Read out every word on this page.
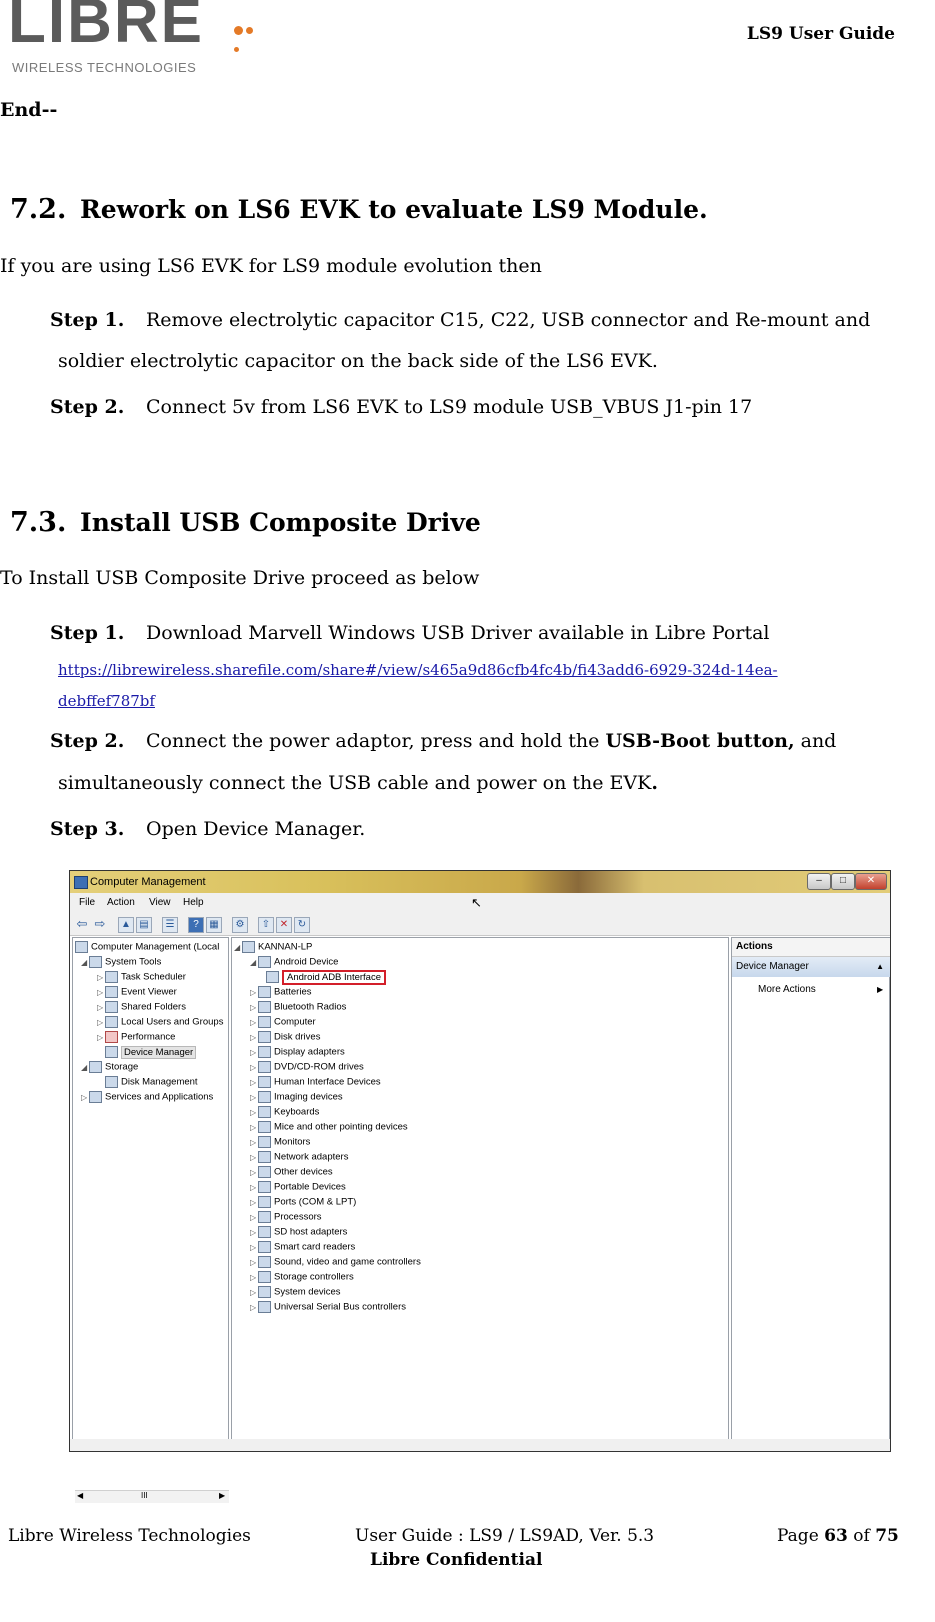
LIBRE
WIRELESS TECHNOLOGIES
LS9 User Guide
End--
7.2. Rework on LS6 EVK to evaluate LS9 Module.
If you are using LS6 EVK for LS9 module evolution then
Step 1. Remove electrolytic capacitor C15, C22, USB connector and Re-mount and
soldier electrolytic capacitor on the back side of the LS6 EVK.
Step 2. Connect 5v from LS6 EVK to LS9 module USB_VBUS J1-pin 17
7.3. Install USB Composite Drive
To Install USB Composite Drive proceed as below
Step 1. Download Marvell Windows USB Driver available in Libre Portal
https://librewireless.sharefile.com/share#/view/s465a9d86cfb4fc4b/fi43add6-6929-324d-14ea-
debffef787bf
Step 2. Connect the power adaptor, press and hold the USB-Boot button, and
simultaneously connect the USB cable and power on the EVK.
Step 3. Open Device Manager.
Computer Management	–	□	✕
File Action View Help	↖
⇦ ⇨	▲ ▤	☰	?	▦	⚙	⇧ ✕ ↻
Computer Management (Local
◢ System Tools
▷ Task Scheduler
▷ Event Viewer
▷ Shared Folders
▷ Local Users and Groups
▷ Performance
Device Manager
◢ Storage
Disk Management
▷ Services and Applications
◀	III	▶
◢ KANNAN-LP
◢ Android Device
Android ADB Interface
▷ Batteries
▷ Bluetooth Radios
▷ Computer
▷ Disk drives
▷ Display adapters
▷ DVD/CD-ROM drives
▷ Human Interface Devices
▷ Imaging devices
▷ Keyboards
▷ Mice and other pointing devices
▷ Monitors
▷ Network adapters
▷ Other devices
▷ Portable Devices
▷ Ports (COM & LPT)
▷ Processors
▷ SD host adapters
▷ Smart card readers
▷ Sound, video and game controllers
▷ Storage controllers
▷ System devices
▷ Universal Serial Bus controllers
Actions
Device Manager	▲
More Actions	▶
Libre Wireless Technologies	User Guide : LS9 / LS9AD, Ver. 5.3	Page 63 of 75
Libre Confidential
